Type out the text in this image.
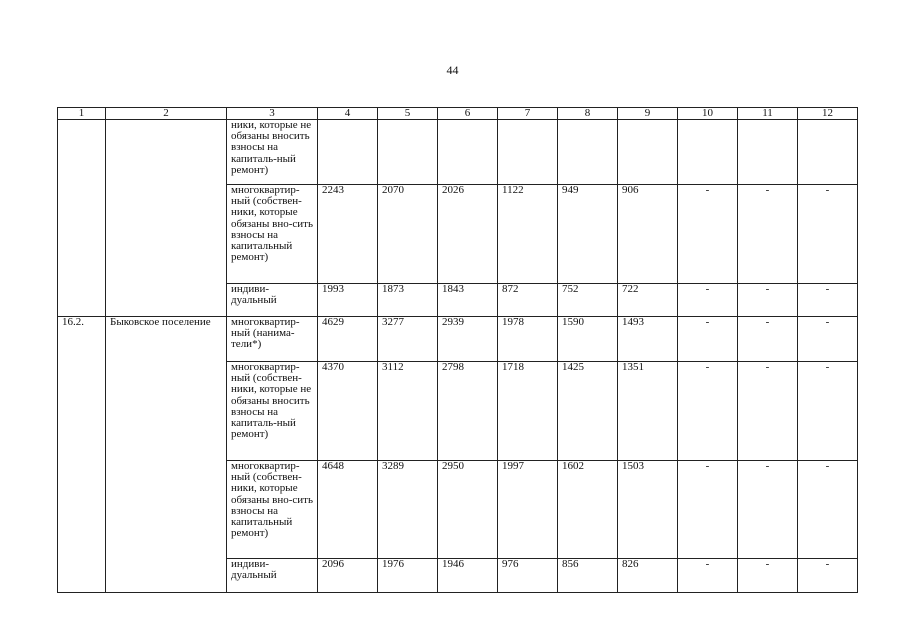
44
1	2	3	4	5	6	7	8	9	10	11	12
		ники, которые не обязаны вносить взносы на капиталь-ный ремонт)									
		многоквартир-ный (собствен-ники, которые обязаны вно-сить взносы на капитальный ремонт)	2243	2070	2026	1122	949	906	-	-	-
		индиви-дуальный	1993	1873	1843	872	752	722	-	-	-
16.2.	Быковское поселение	многоквартир-ный (нанима-тели*)	4629	3277	2939	1978	1590	1493	-	-	-
		многоквартир-ный (собствен-ники, которые не обязаны вносить взносы на капиталь-ный ремонт)	4370	3112	2798	1718	1425	1351	-	-	-
		многоквартир-ный (собствен-ники, которые обязаны вно-сить взносы на капитальный ремонт)	4648	3289	2950	1997	1602	1503	-	-	-
		индиви-дуальный	2096	1976	1946	976	856	826	-	-	-
